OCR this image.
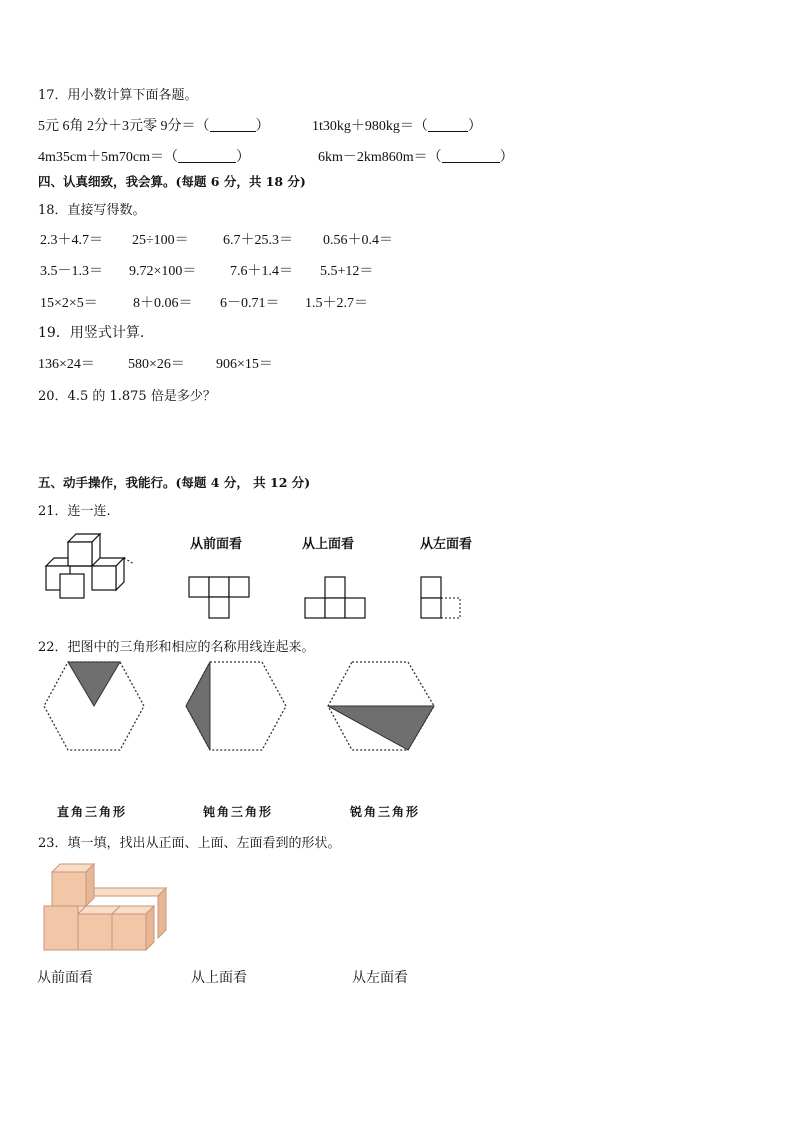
17．用小数计算下面各题。
5元 6角 2分＋3元零 9分＝（	）	1t30kg＋980kg＝（	）
4m35cm＋5m70cm＝（	）	6km－2km860m＝（	）
四、认真细致，我会算。(每题 6 分，共 18 分)
18．直接写得数。
2.3＋4.7＝ 25÷100＝ 6.7＋25.3＝ 0.56＋0.4＝
3.5－1.3＝ 9.72×100＝ 7.6＋1.4＝ 5.5+12＝
15×2×5＝	8＋0.06＝ 6－0.71＝ 1.5＋2.7＝
19．用竖式计算.
136×24＝ 580×26＝ 906×15＝
20．4.5 的 1.875 倍是多少？
五、动手操作，我能行。(每题 4 分， 共 12 分)
21．连一连.
从前面看	从上面看	从左面看
22．把图中的三角形和相应的名称用线连起来。
直角三角形	钝角三角形	锐角三角形
23．填一填，找出从正面、上面、左面看到的形状。
从前面看	从上面看	从左面看
